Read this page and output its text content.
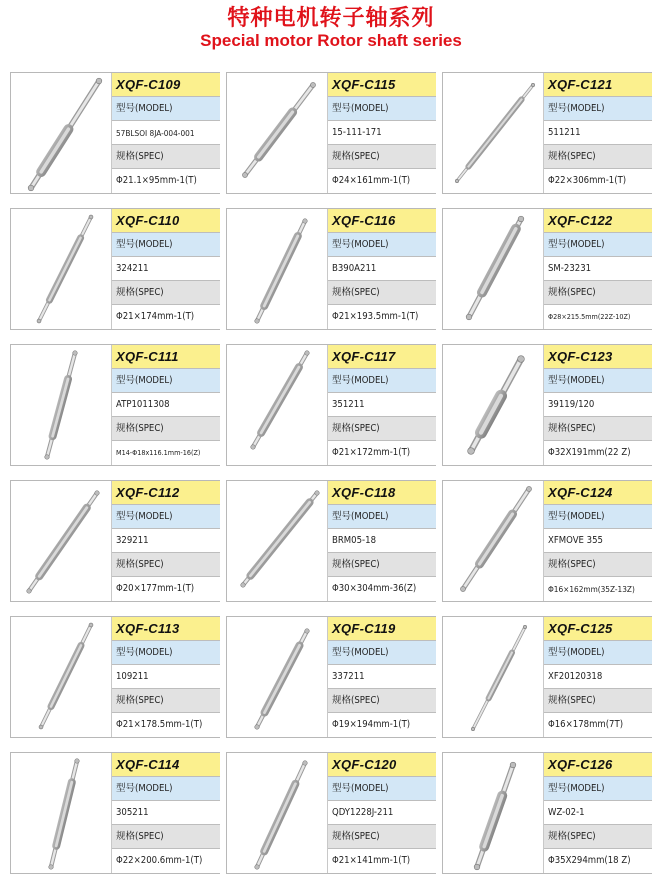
特种电机转子轴系列
Special motor Rotor shaft series
XQF-C109
型号(MODEL)
57BLSOI 8JA-004-001
规格(SPEC)
Φ21.1×95mm-1(T)
XQF-C115
型号(MODEL)
15-111-171
规格(SPEC)
Φ24×161mm-1(T)
XQF-C121
型号(MODEL)
511211
规格(SPEC)
Φ22×306mm-1(T)
XQF-C110
型号(MODEL)
324211
规格(SPEC)
Φ21×174mm-1(T)
XQF-C116
型号(MODEL)
B390A211
规格(SPEC)
Φ21×193.5mm-1(T)
XQF-C122
型号(MODEL)
SM-23231
规格(SPEC)
Φ28×215.5mm(22Z-10Z)
XQF-C111
型号(MODEL)
ATP1011308
规格(SPEC)
M14-Φ18x116.1mm-16(Z)
XQF-C117
型号(MODEL)
351211
规格(SPEC)
Φ21×172mm-1(T)
XQF-C123
型号(MODEL)
39119/120
规格(SPEC)
Φ32X191mm(22 Z)
XQF-C112
型号(MODEL)
329211
规格(SPEC)
Φ20×177mm-1(T)
XQF-C118
型号(MODEL)
BRM05-18
规格(SPEC)
Φ30×304mm-36(Z)
XQF-C124
型号(MODEL)
XFMOVE 355
规格(SPEC)
Φ16×162mm(35Z-13Z)
XQF-C113
型号(MODEL)
109211
规格(SPEC)
Φ21×178.5mm-1(T)
XQF-C119
型号(MODEL)
337211
规格(SPEC)
Φ19×194mm-1(T)
XQF-C125
型号(MODEL)
XF20120318
规格(SPEC)
Φ16×178mm(7T)
XQF-C114
型号(MODEL)
305211
规格(SPEC)
Φ22×200.6mm-1(T)
XQF-C120
型号(MODEL)
QDY1228J-211
规格(SPEC)
Φ21×141mm-1(T)
XQF-C126
型号(MODEL)
WZ-02-1
规格(SPEC)
Φ35X294mm(18 Z)
